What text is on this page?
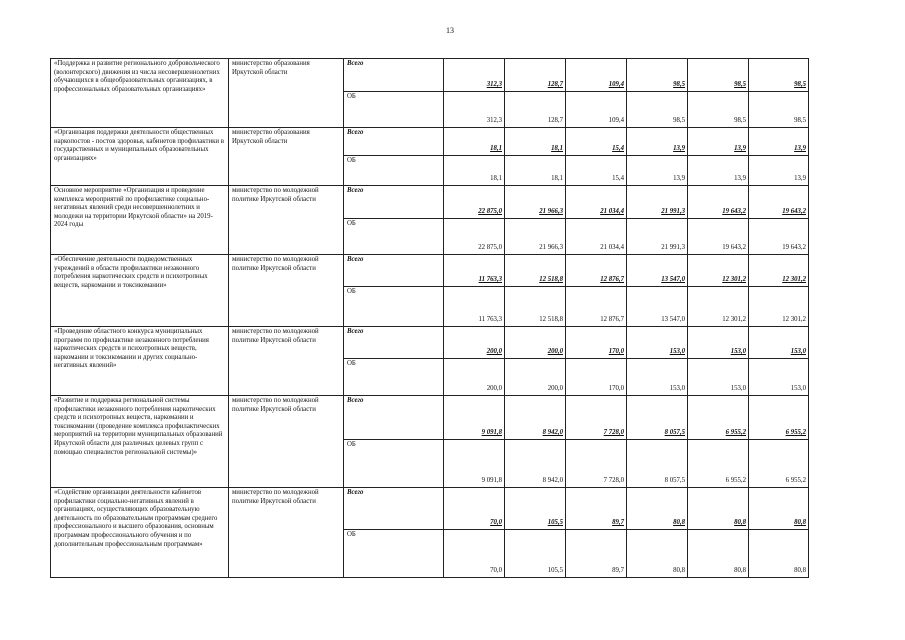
13
«Поддержка и развитие регионального добровольческого (волонтерского) движения из числа несовершеннолетних обучающихся в общеобразовательных организациях, в профессиональных образовательных организациях»	министерство образования Иркутской области	Всего	312,3	128,7	109,4	98,5	98,5	98,5
		ОБ	312,3	128,7	109,4	98,5	98,5	98,5
«Организация поддержки деятельности общественных наркопостов - постов здоровья, кабинетов профилактики в государственных и муниципальных образовательных организациях»	министерство образования Иркутской области	Всего	18,1	18,1	15,4	13,9	13,9	13,9
		ОБ	18,1	18,1	15,4	13,9	13,9	13,9
Основное мероприятие «Организация и проведение комплекса мероприятий по профилактике социально-негативных явлений среди несовершеннолетних и молодежи на территории Иркутской области» на 2019-2024 годы	министерство по молодежной политике Иркутской области	Всего	22 875,0	21 966,3	21 034,4	21 991,3	19 643,2	19 643,2
		ОБ	22 875,0	21 966,3	21 034,4	21 991,3	19 643,2	19 643,2
«Обеспечение деятельности подведомственных учреждений в области профилактики незаконного потребления наркотических средств и психотропных веществ, наркомании и токсикомании»	министерство по молодежной политике Иркутской области	Всего	11 763,3	12 518,8	12 876,7	13 547,0	12 301,2	12 301,2
		ОБ	11 763,3	12 518,8	12 876,7	13 547,0	12 301,2	12 301,2
«Проведение областного конкурса муниципальных программ по профилактике незаконного потребления наркотических средств и психотропных веществ, наркомании и токсикомании и других социально-негативных явлений»	министерство по молодежной политике Иркутской области	Всего	200,0	200,0	170,0	153,0	153,0	153,0
		ОБ	200,0	200,0	170,0	153,0	153,0	153,0
«Развитие и поддержка региональной системы профилактики незаконного потребления наркотических средств и психотропных веществ, наркомании и токсикомании (проведение комплекса профилактических мероприятий на территории муниципальных образований Иркутской области для различных целевых групп с помощью специалистов региональной системы)»	министерство по молодежной политике Иркутской области	Всего	9 091,8	8 942,0	7 728,0	8 057,5	6 955,2	6 955,2
		ОБ	9 091,8	8 942,0	7 728,0	8 057,5	6 955,2	6 955,2
«Содействие организации деятельности кабинетов профилактики социально-негативных явлений в организациях, осуществляющих образовательную деятельность по образовательным программам среднего профессионального и высшего образования, основным программам профессионального обучения и по дополнительным профессиональным программам»	министерство по молодежной политике Иркутской области	Всего	70,0	105,5	89,7	80,8	80,8	80,8
		ОБ	70,0	105,5	89,7	80,8	80,8	80,8
